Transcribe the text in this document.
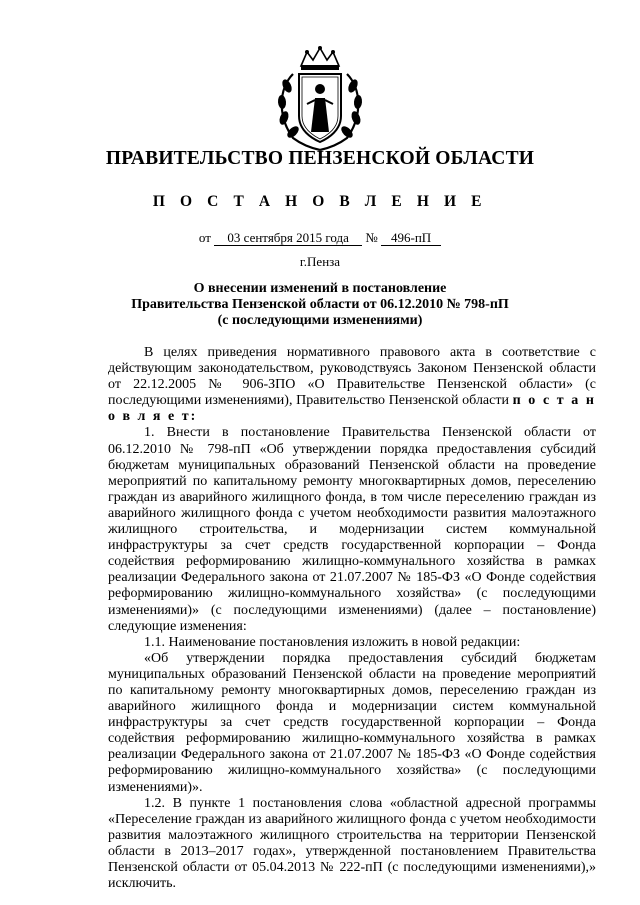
ПРАВИТЕЛЬСТВО ПЕНЗЕНСКОЙ ОБЛАСТИ
П О С Т А Н О В Л Е Н И Е
от 03 сентября 2015 года № 496-пП
г.Пенза
О внесении изменений в постановление
Правительства Пензенской области от 06.12.2010 № 798-пП
(с последующими изменениями)

В целях приведения нормативного правового акта в соответствие с действующим законодательством, руководствуясь Законом Пензенской области от 22.12.2005 № 906-ЗПО «О Правительстве Пензенской области» (с последующими изменениями), Правительство Пензенской области п о с т а н о в л я е т:

1. Внести в постановление Правительства Пензенской области от 06.12.2010 № 798-пП «Об утверждении порядка предоставления субсидий бюджетам муниципальных образований Пензенской области на проведение мероприятий по капитальному ремонту многоквартирных домов, переселению граждан из аварийного жилищного фонда, в том числе переселению граждан из аварийного жилищного фонда с учетом необходимости развития малоэтажного жилищного строительства, и модернизации систем коммунальной инфраструктуры за счет средств государственной корпорации – Фонда содействия реформированию жилищно-коммунального хозяйства в рамках реализации Федерального закона от 21.07.2007 № 185-ФЗ «О Фонде содействия реформированию жилищно-коммунального хозяйства» (с последующими изменениями)» (с последующими изменениями) (далее – постановление) следующие изменения:

1.1. Наименование постановления изложить в новой редакции:

«Об утверждении порядка предоставления субсидий бюджетам муниципальных образований Пензенской области на проведение мероприятий по капитальному ремонту многоквартирных домов, переселению граждан из аварийного жилищного фонда и модернизации систем коммунальной инфраструктуры за счет средств государственной корпорации – Фонда содействия реформированию жилищно-коммунального хозяйства в рамках реализации Федерального закона от 21.07.2007 № 185-ФЗ «О Фонде содействия реформированию жилищно-коммунального хозяйства» (с последующими изменениями)».

1.2. В пункте 1 постановления слова «областной адресной программы «Переселение граждан из аварийного жилищного фонда с учетом необходимости развития малоэтажного жилищного строительства на территории Пензенской области в 2013–2017 годах», утвержденной постановлением Правительства Пензенской области от 05.04.2013 № 222-пП (с последующими изменениями),» исключить.
